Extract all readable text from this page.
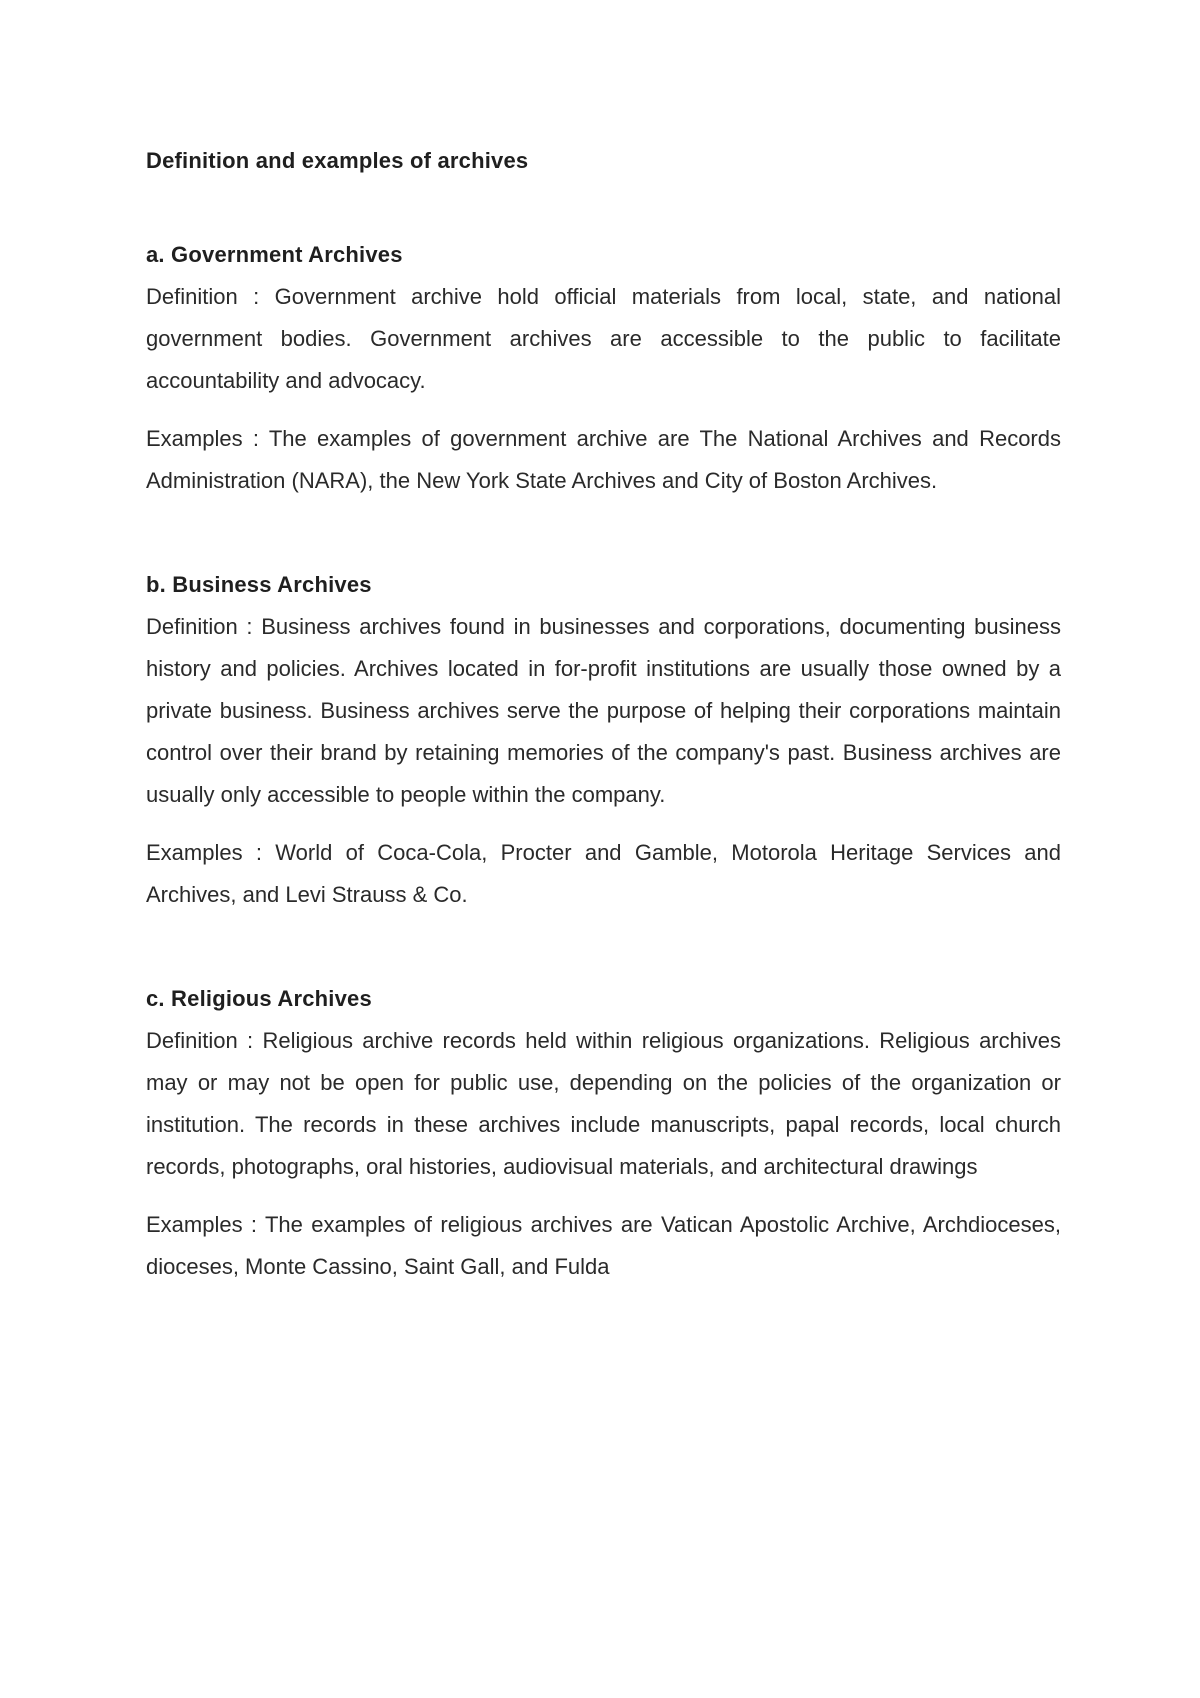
Definition and examples of archives
a. Government Archives

Definition : Government archive hold official materials from local, state, and national government bodies. Government archives are accessible to the public to facilitate accountability and advocacy.

Examples : The examples of government archive are The National Archives and Records Administration (NARA), the New York State Archives and City of Boston Archives.

b. Business Archives

Definition : Business archives found in businesses and corporations, documenting business history and policies. Archives located in for-profit institutions are usually those owned by a private business. Business archives serve the purpose of helping their corporations maintain control over their brand by retaining memories of the company's past. Business archives are usually only accessible to people within the company.

Examples : World of Coca-Cola, Procter and Gamble, Motorola Heritage Services and Archives, and Levi Strauss & Co.

c. Religious Archives

Definition : Religious archive records held within religious organizations. Religious archives may or may not be open for public use, depending on the policies of the organization or institution. The records in these archives include manuscripts, papal records, local church records, photographs, oral histories, audiovisual materials, and architectural drawings

Examples : The examples of religious archives are Vatican Apostolic Archive, Archdioceses, dioceses, Monte Cassino, Saint Gall, and Fulda
